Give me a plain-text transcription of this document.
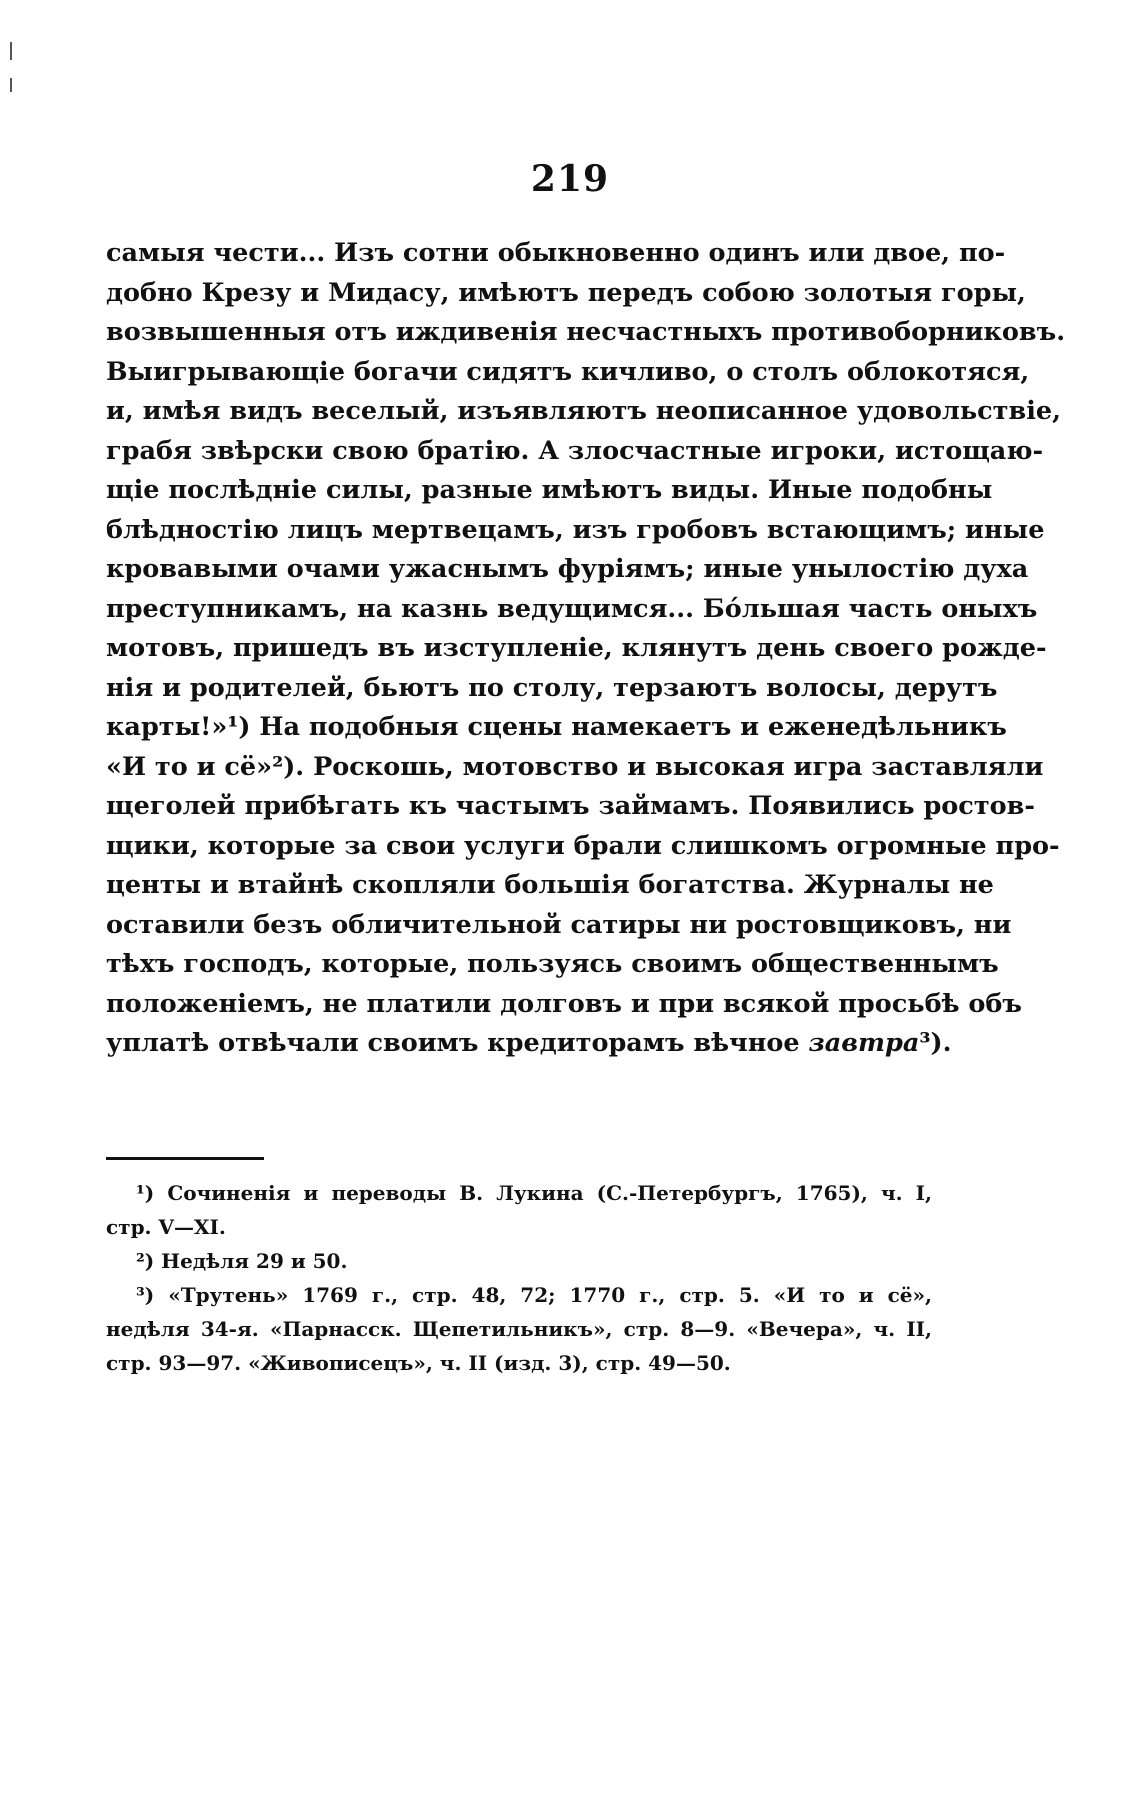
219
самыя чести... Изъ сотни обыкновенно одинъ или двое, по-
добно Крезу и Мидасу, имѣютъ передъ собою золотыя горы,
возвышенныя отъ иждивенія несчастныхъ противоборниковъ.
Выигрывающіе богачи сидятъ кичливо, о столъ облокотяся,
и, имѣя видъ веселый, изъявляютъ неописанное удовольствіе,
грабя звѣрски свою братію. А злосчастные игроки, истощаю-
щіе послѣдніе силы, разные имѣютъ виды. Иные подобны
блѣдностію лицъ мертвецамъ, изъ гробовъ встающимъ; иные
кровавыми очами ужаснымъ фуріямъ; иные унылостію духа
преступникамъ, на казнь ведущимся... Бо́льшая часть оныхъ
мотовъ, пришедъ въ изступленіе, клянутъ день своего рожде-
нія и родителей, бьютъ по столу, терзаютъ волосы, дерутъ
карты!»¹) На подобныя сцены намекаетъ и еженедѣльникъ
«И то и сё»²). Роскошь, мотовство и высокая игра заставляли
щеголей прибѣгать къ частымъ займамъ. Появились ростов-
щики, которые за свои услуги брали слишкомъ огромные про-
центы и втайнѣ скопляли большія богатства. Журналы не
оставили безъ обличительной сатиры ни ростовщиковъ, ни
тѣхъ господъ, которые, пользуясь своимъ общественнымъ
положеніемъ, не платили долговъ и при всякой просьбѣ объ
уплатѣ отвѣчали своимъ кредиторамъ вѣчное завтра³).
¹) Сочиненія и переводы В. Лукина (С.-Петербургъ, 1765), ч. I,
стр. V—XI.
²) Недѣля 29 и 50.
³) «Трутень» 1769 г., стр. 48, 72; 1770 г., стр. 5. «И то и сё»,
недѣля 34-я. «Парнасск. Щепетильникъ», стр. 8—9. «Вечера», ч. II,
стр. 93—97. «Живописецъ», ч. II (изд. 3), стр. 49—50.
